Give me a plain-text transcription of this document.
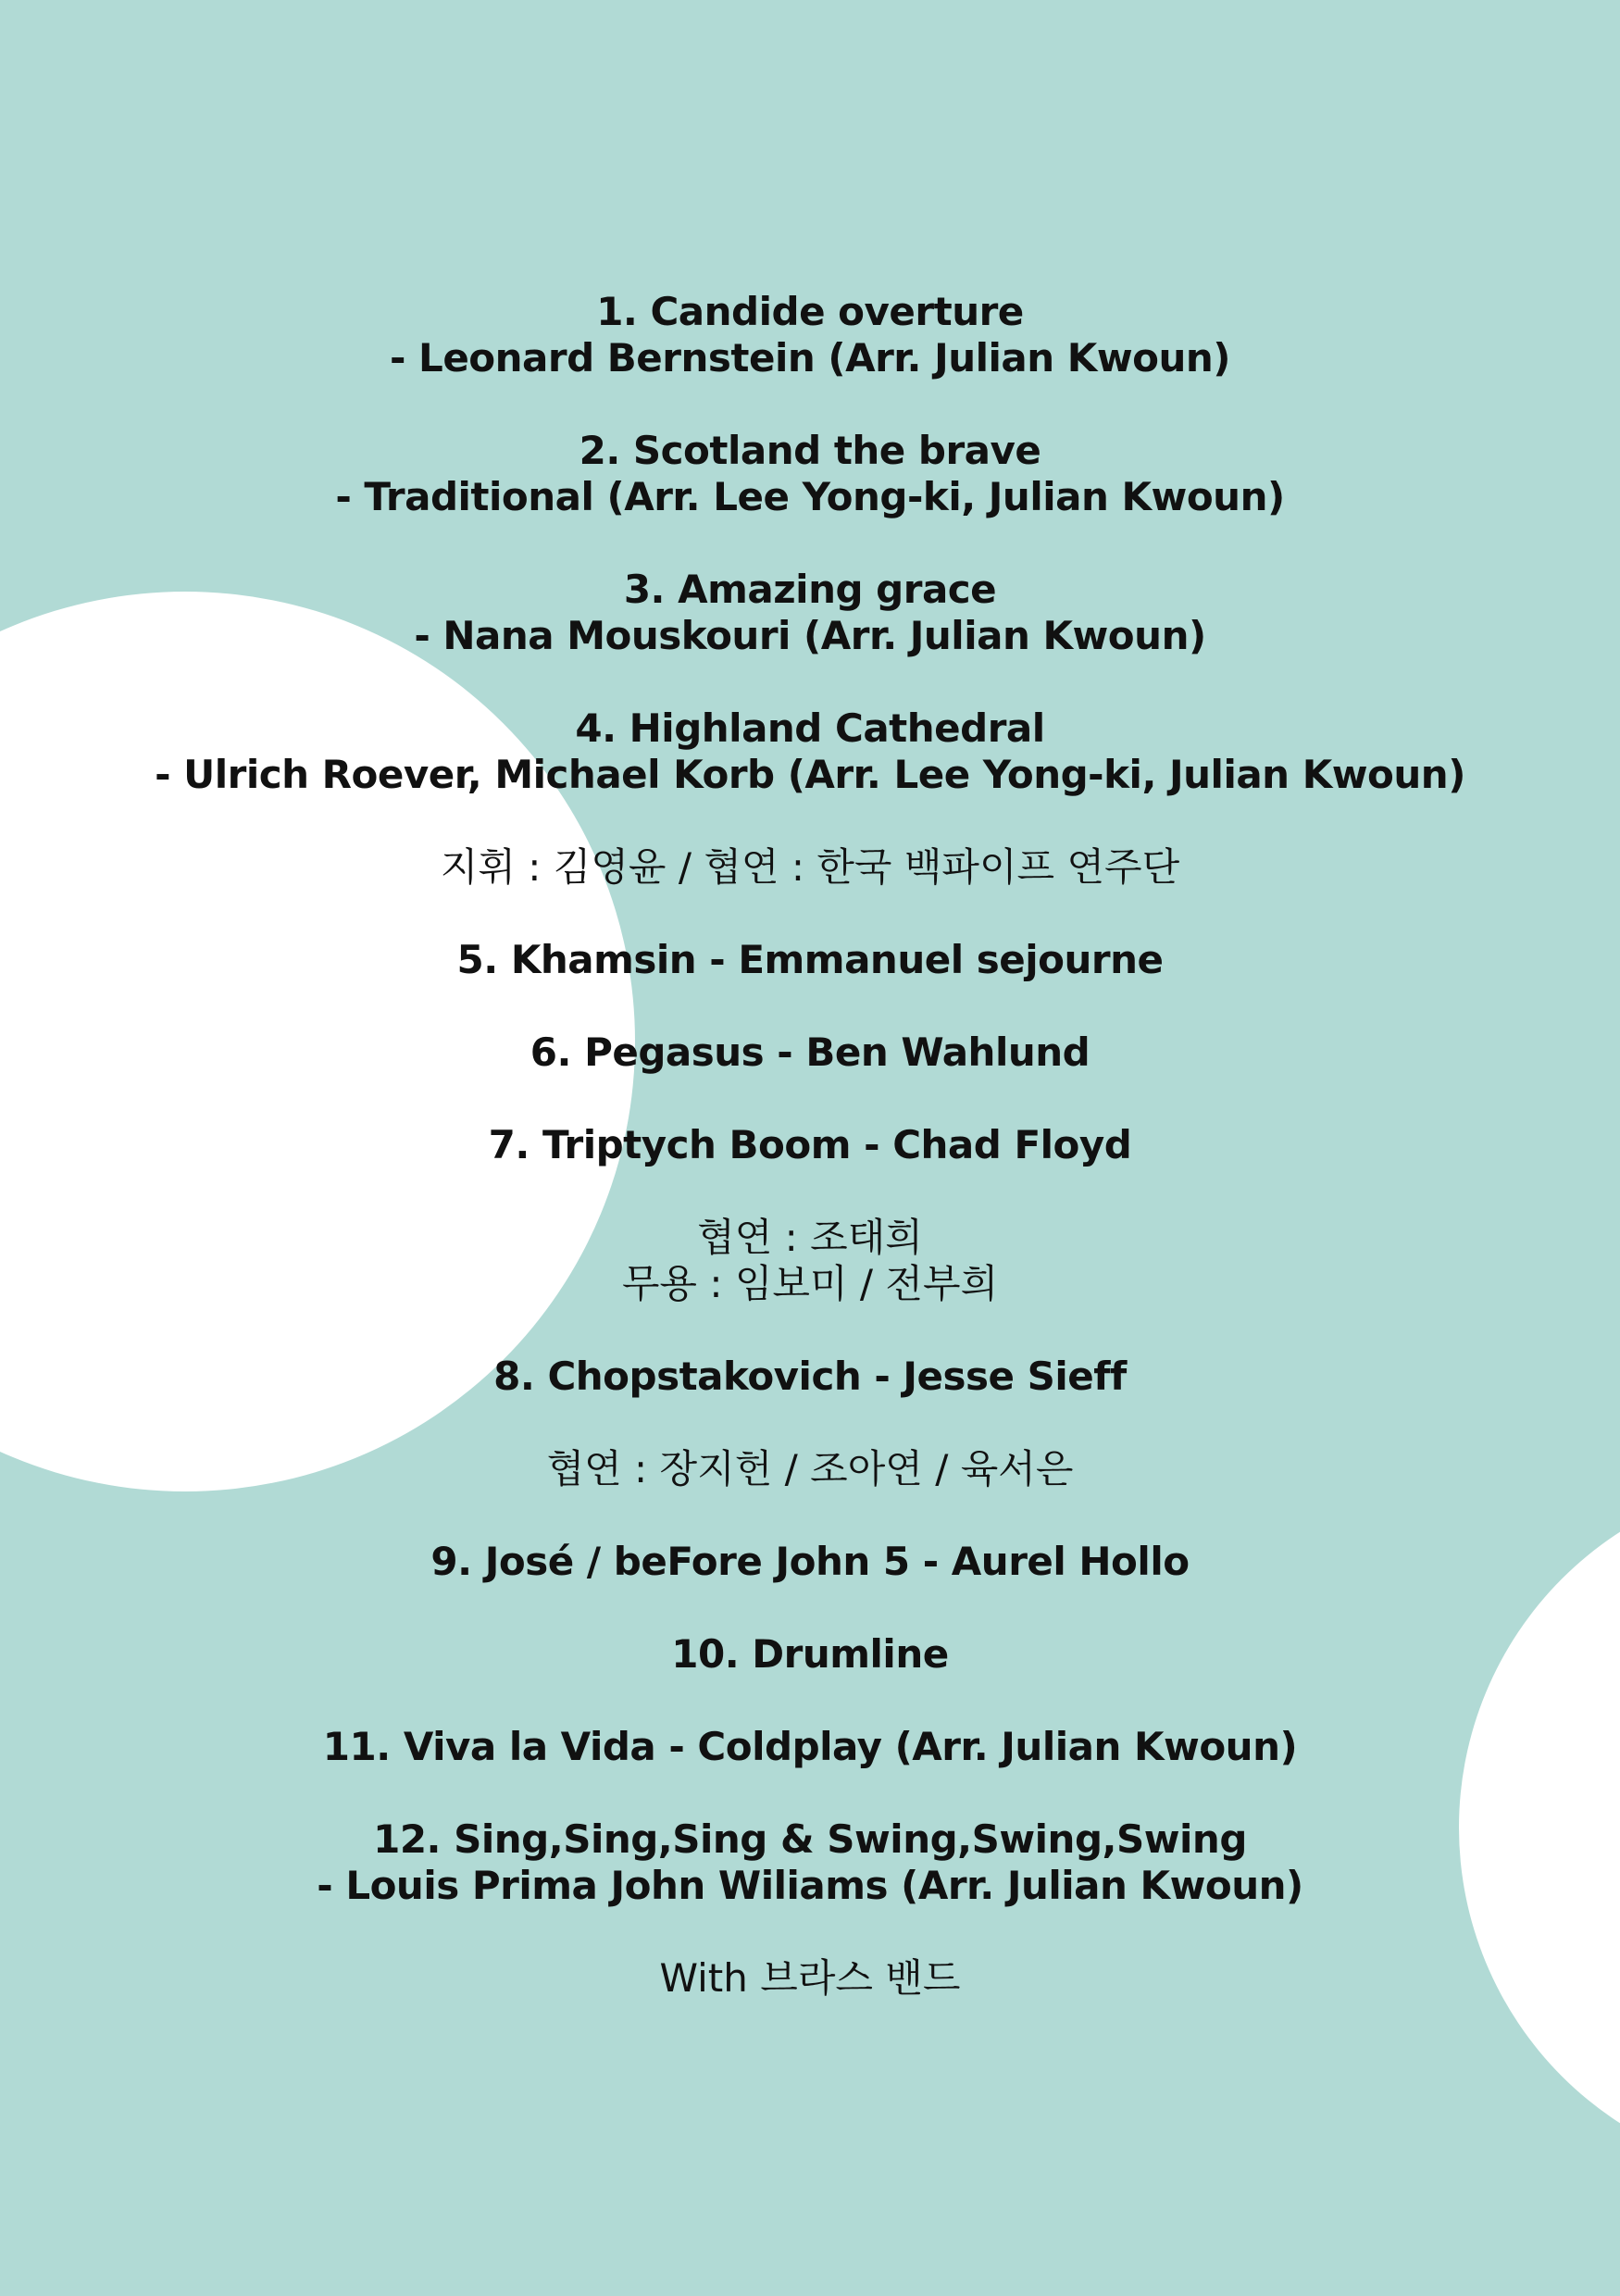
1. Candide overture
- Leonard Bernstein (Arr. Julian Kwoun)
2. Scotland the brave
- Traditional (Arr. Lee Yong-ki, Julian Kwoun)
3. Amazing grace
- Nana Mouskouri (Arr. Julian Kwoun)
4. Highland Cathedral
- Ulrich Roever, Michael Korb (Arr. Lee Yong-ki, Julian Kwoun)
지휘 : 김영윤 / 협연 : 한국 백파이프 연주단
5. Khamsin - Emmanuel sejourne
6. Pegasus - Ben Wahlund
7. Triptych Boom - Chad Floyd
협연 : 조태희
무용 : 임보미 / 전부희
8. Chopstakovich - Jesse Sieff
협연 : 장지헌 / 조아연 / 육서은
9. José / beFore John 5 - Aurel Hollo
10. Drumline
11. Viva la Vida - Coldplay (Arr. Julian Kwoun)
12. Sing,Sing,Sing & Swing,Swing,Swing
- Louis Prima John Wiliams (Arr. Julian Kwoun)
With 브라스 밴드
